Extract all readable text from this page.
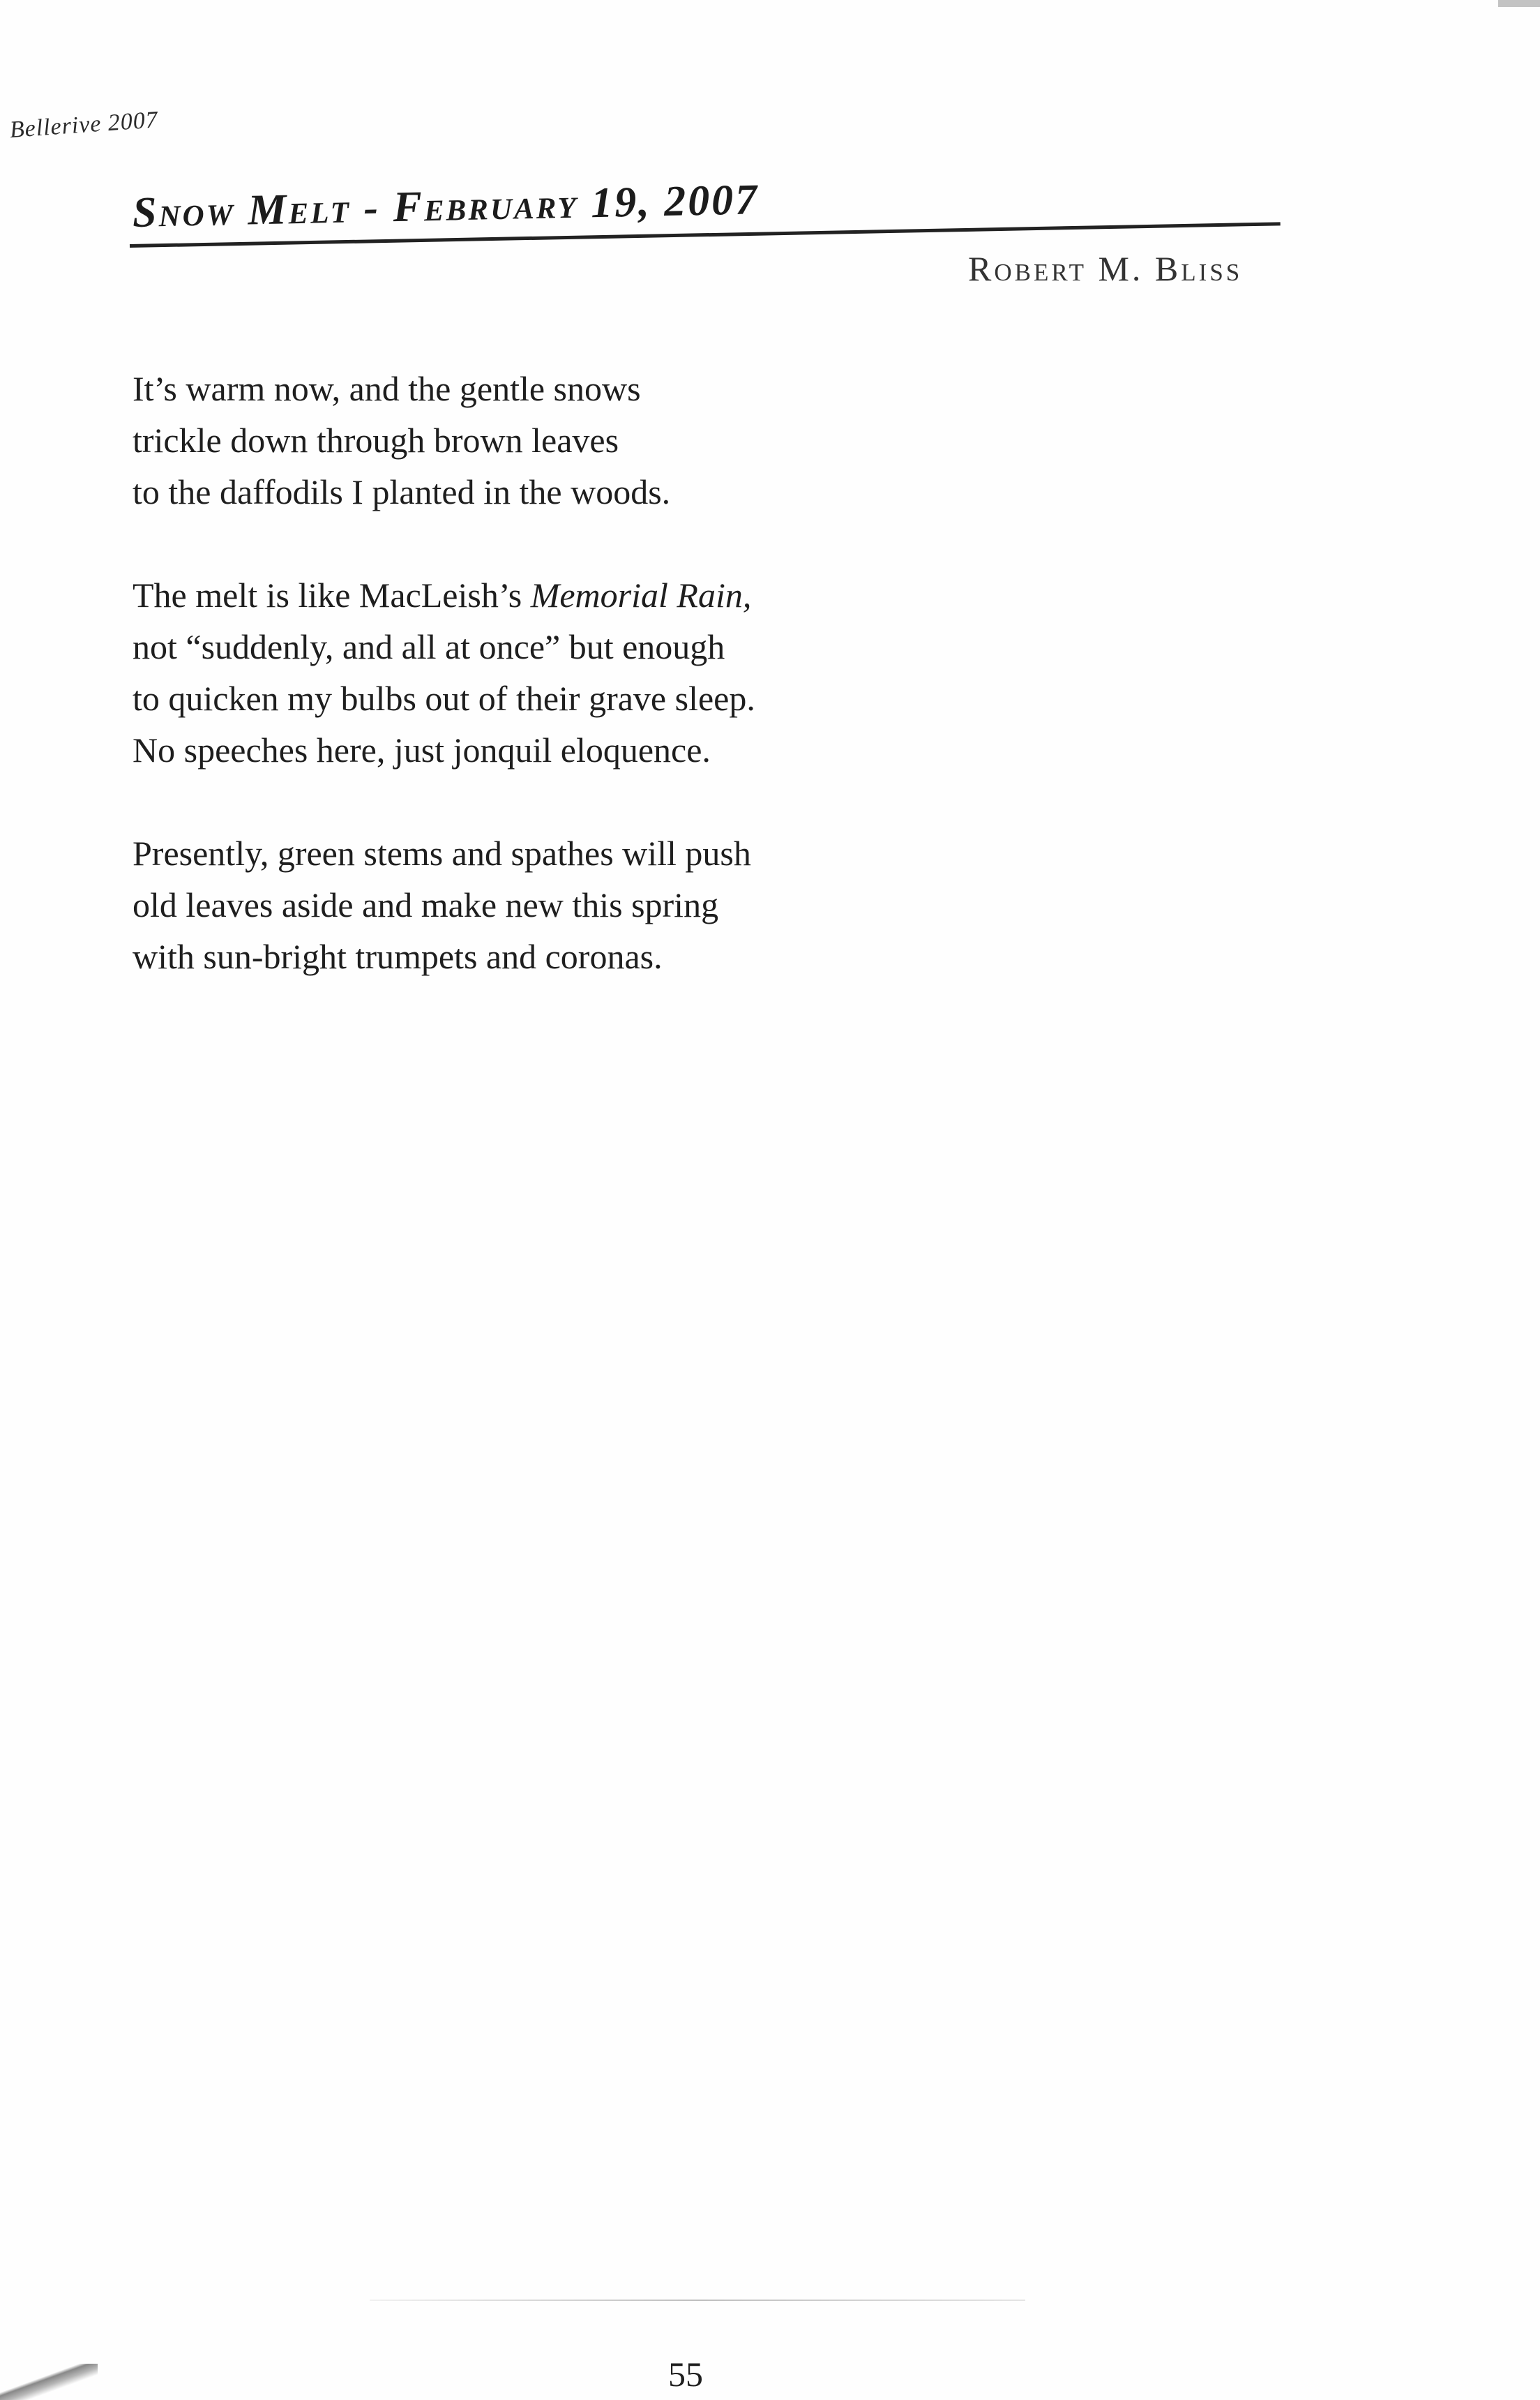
Bellerive 2007
Snow Melt - February 19, 2007
Robert M. Bliss
It’s warm now, and the gentle snows
trickle down through brown leaves
to the daffodils I planted in the woods.
The melt is like MacLeish’s Memorial Rain,
not “suddenly, and all at once” but enough
to quicken my bulbs out of their grave sleep.
No speeches here, just jonquil eloquence.
Presently, green stems and spathes will push
old leaves aside and make new this spring
with sun-bright trumpets and coronas.
55
